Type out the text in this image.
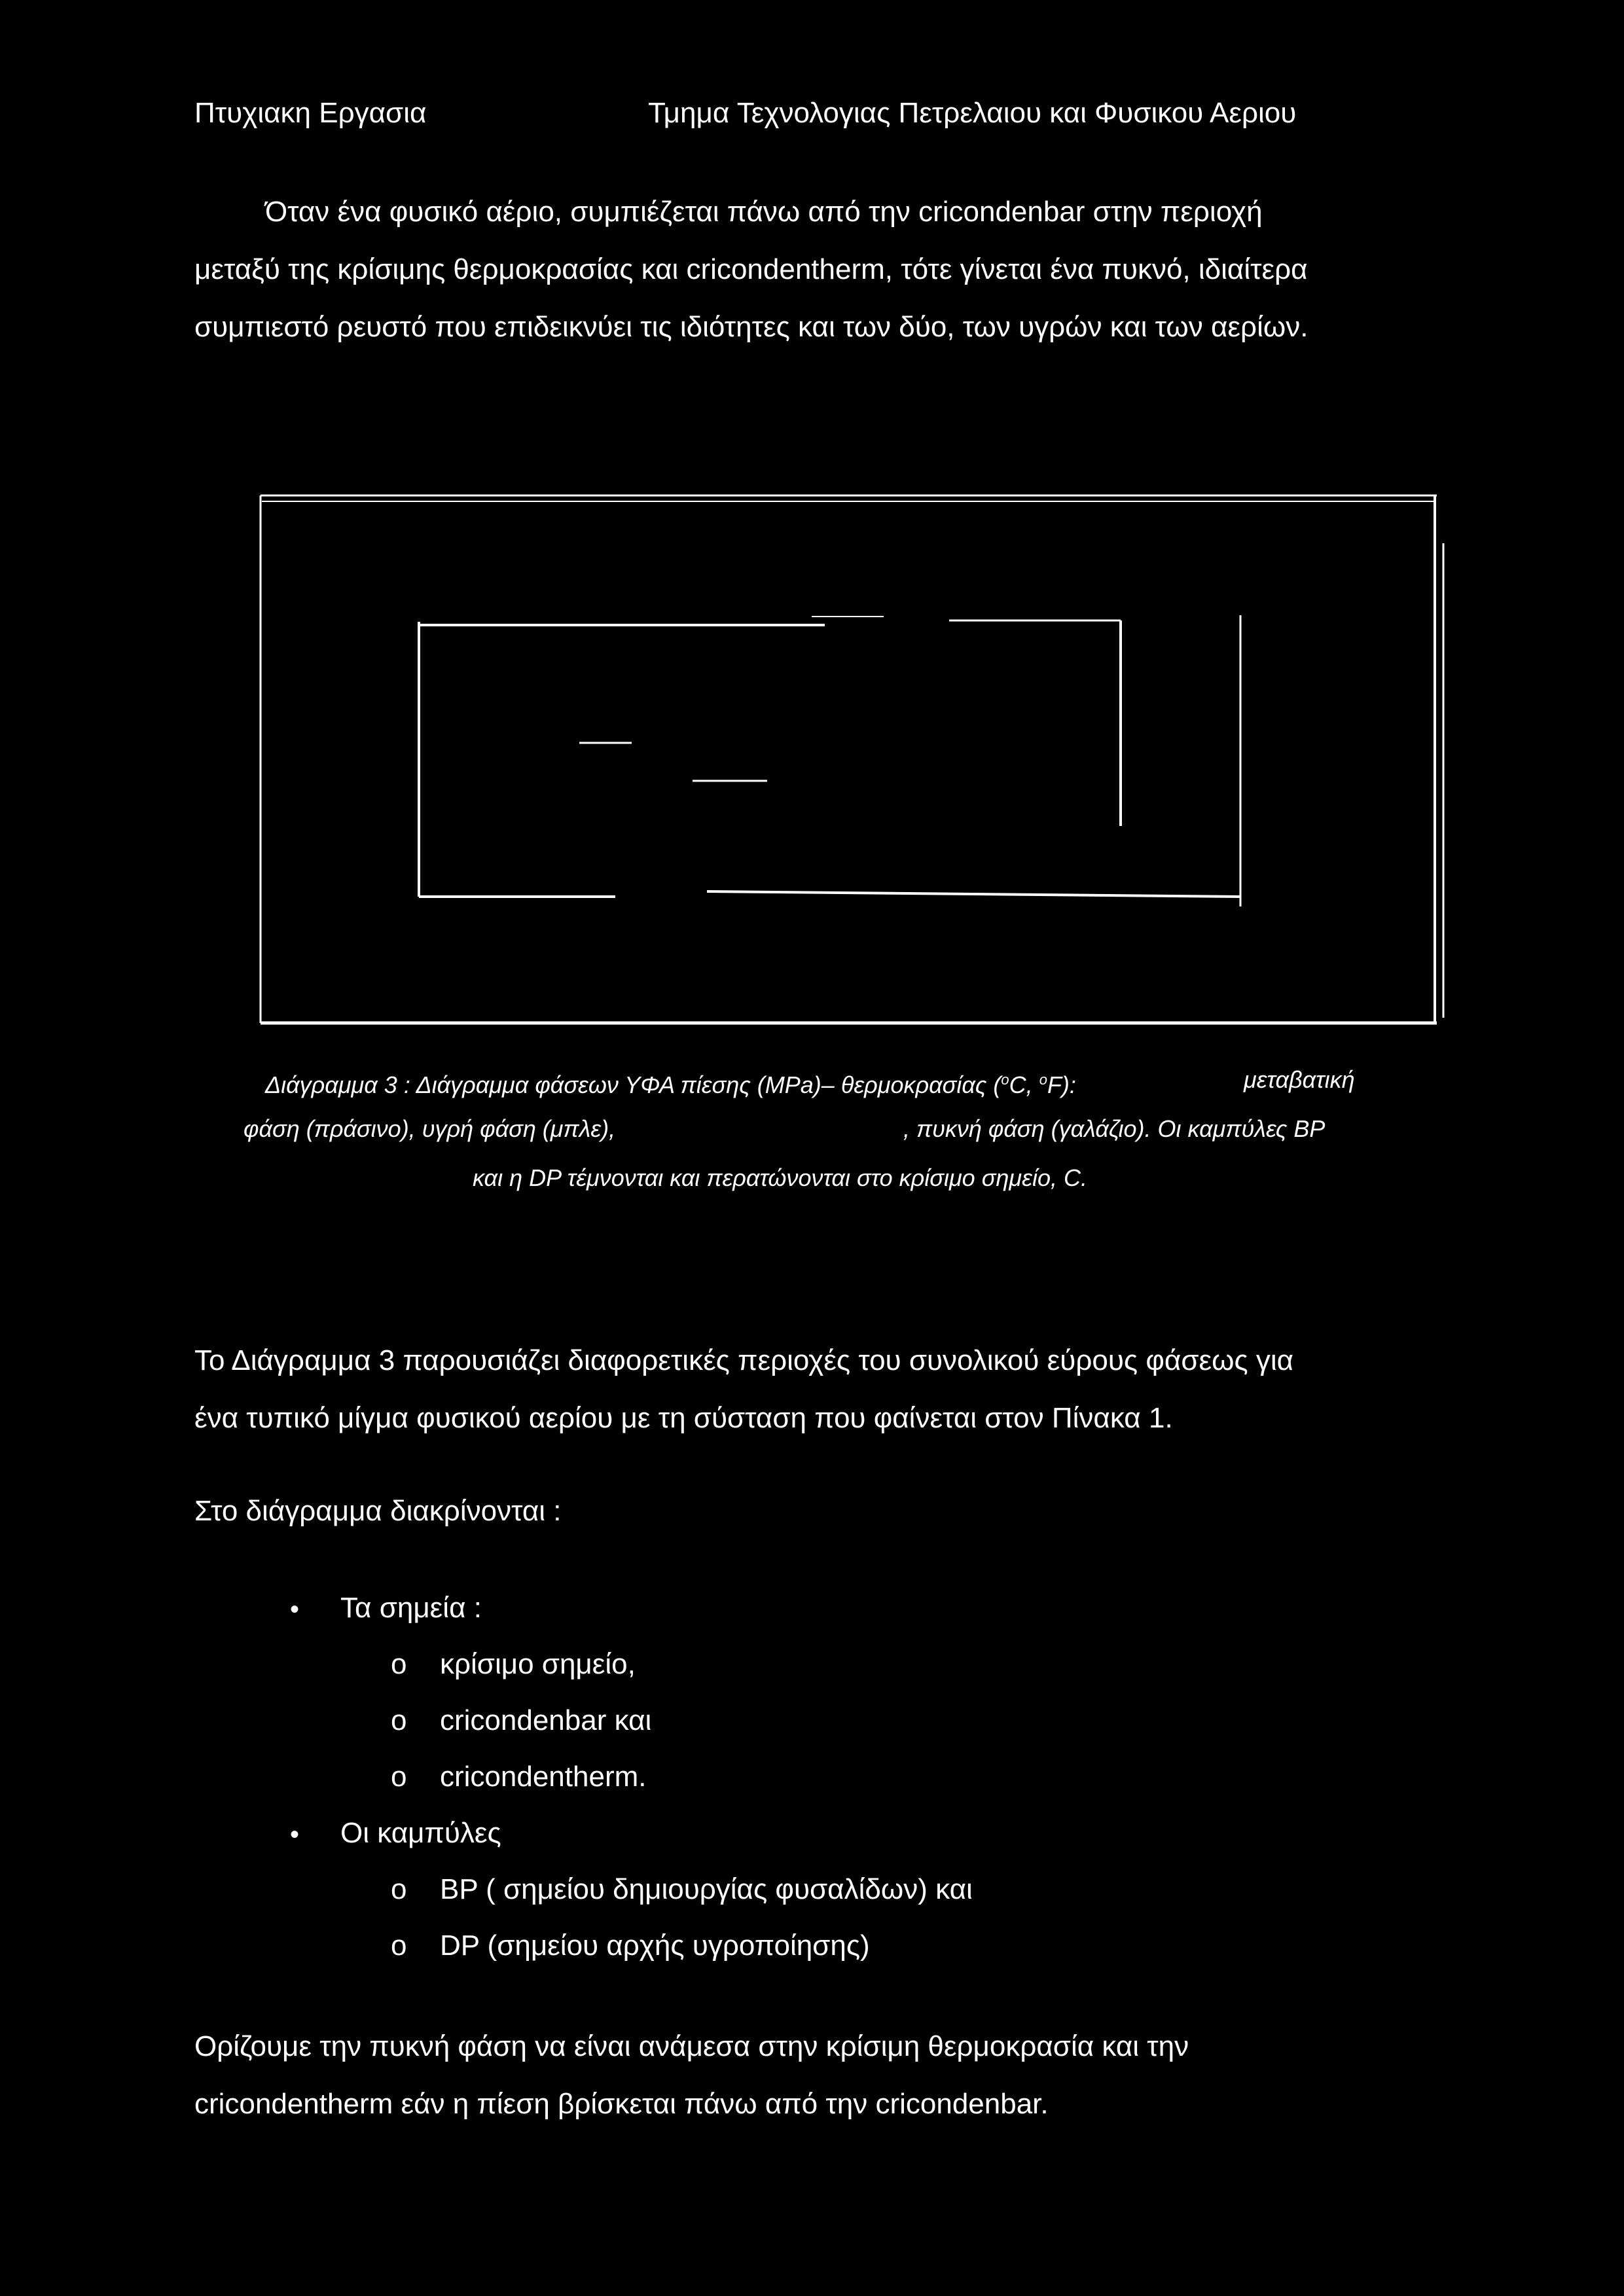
Πτυχιακη Εργασια	Τμημα Τεχνολογιας Πετρελαιου και Φυσικου Αεριου
Όταν ένα φυσικό αέριο, συμπιέζεται πάνω από την cricondenbar στην περιοχή
μεταξύ της κρίσιμης θερμοκρασίας και cricondentherm, τότε γίνεται ένα πυκνό, ιδιαίτερα
συμπιεστό ρευστό που επιδεικνύει τις ιδιότητες και των δύο, των υγρών και των αερίων.
Διάγραμμα 3 : Διάγραμμα φάσεων ΥΦΑ πίεσης (MPa)– θερμοκρασίας ($^o$C, $^o$F):	μεταβατική
φάση (πράσινο), υγρή φάση (μπλε),	, πυκνή φάση (γαλάζιο). Οι καμπύλες BP
και η DP τέμνονται και περατώνονται στο κρίσιμο σημείο, C.
Το Διάγραμμα 3 παρουσιάζει διαφορετικές περιοχές του συνολικού εύρους φάσεως για
ένα τυπικό μίγμα φυσικού αερίου με τη σύσταση που φαίνεται στον Πίνακα 1.
Στο διάγραμμα διακρίνονται :
• Τα σημεία :
o κρίσιμο σημείο,
o cricondenbar και
o cricondentherm.
• Οι καμπύλες
o BP ( σημείου δημιουργίας φυσαλίδων) και
o DP (σημείου αρχής υγροποίησης)
Ορίζουμε την πυκνή φάση να είναι ανάμεσα στην κρίσιμη θερμοκρασία και την
cricondentherm εάν η πίεση βρίσκεται πάνω από την cricondenbar.
